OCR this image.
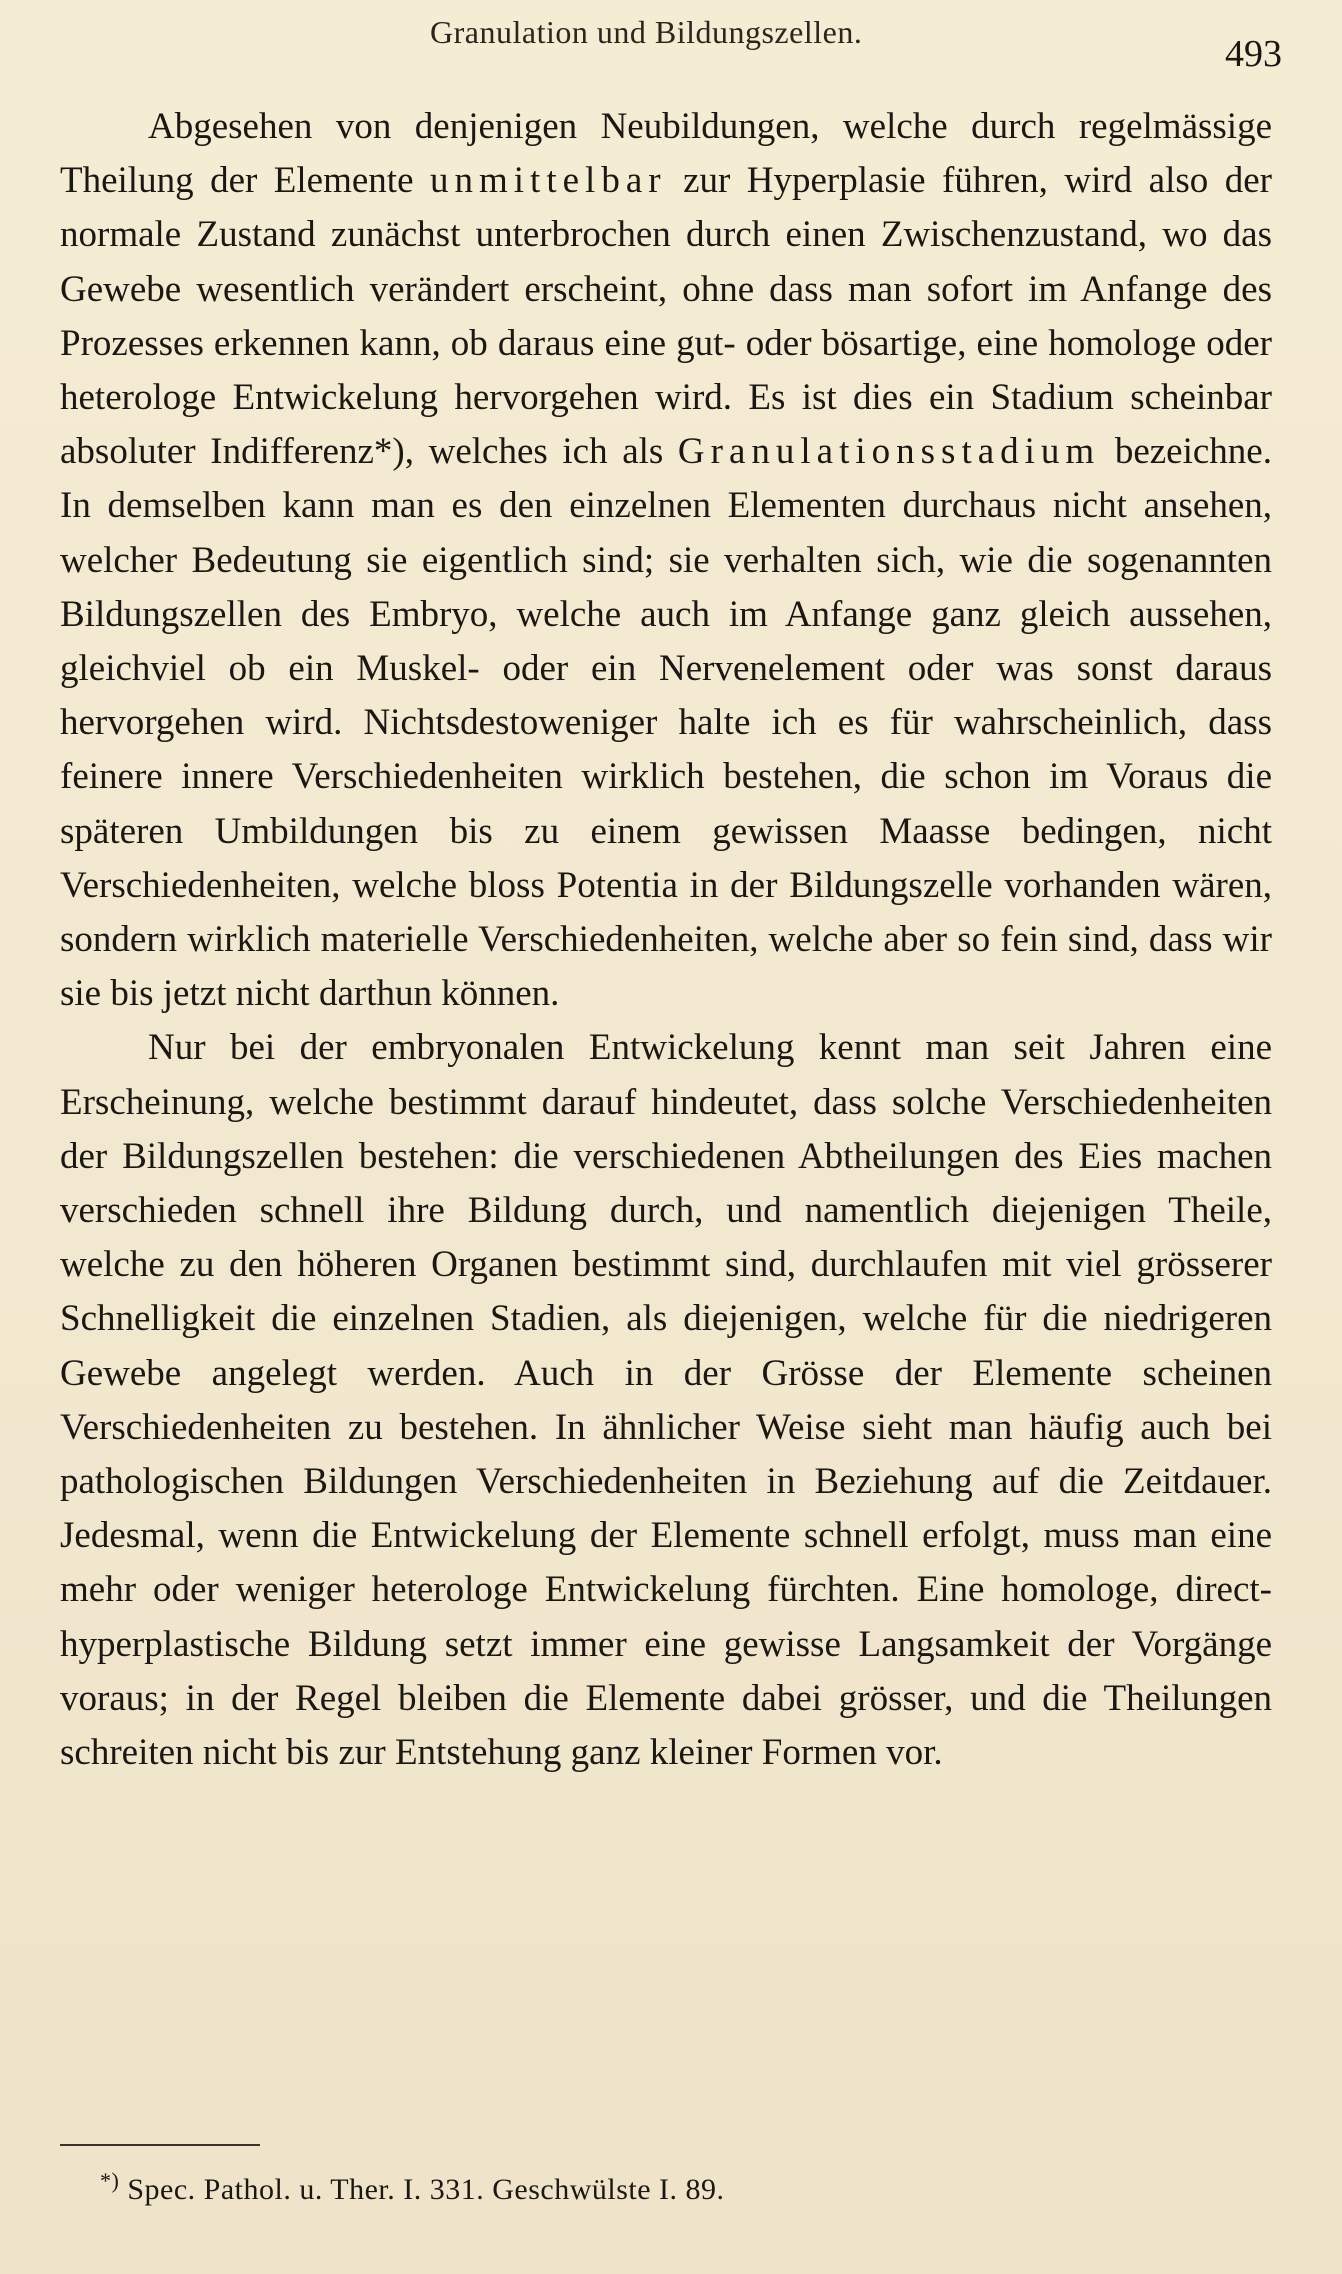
Granulation und Bildungszellen.
493

Abgesehen von denjenigen Neubildungen, welche durch regelmässige Theilung der Elemente unmittelbar zur Hyperplasie führen, wird also der normale Zustand zunächst unterbrochen durch einen Zwischenzustand, wo das Gewebe wesentlich verändert erscheint, ohne dass man sofort im Anfange des Prozesses erkennen kann, ob daraus eine gut- oder bösartige, eine homologe oder heterologe Entwickelung hervorgehen wird. Es ist dies ein Stadium scheinbar absoluter Indifferenz*), welches ich als Granulationsstadium bezeichne. In demselben kann man es den einzelnen Elementen durchaus nicht ansehen, welcher Bedeutung sie eigentlich sind; sie verhalten sich, wie die sogenannten Bildungszellen des Embryo, welche auch im Anfange ganz gleich aussehen, gleichviel ob ein Muskel- oder ein Nervenelement oder was sonst daraus hervorgehen wird. Nichtsdestoweniger halte ich es für wahrscheinlich, dass feinere innere Verschiedenheiten wirklich bestehen, die schon im Voraus die späteren Umbildungen bis zu einem gewissen Maasse bedingen, nicht Verschiedenheiten, welche bloss Potentia in der Bildungszelle vorhanden wären, sondern wirklich materielle Verschiedenheiten, welche aber so fein sind, dass wir sie bis jetzt nicht darthun können.

Nur bei der embryonalen Entwickelung kennt man seit Jahren eine Erscheinung, welche bestimmt darauf hindeutet, dass solche Verschiedenheiten der Bildungszellen bestehen: die verschiedenen Abtheilungen des Eies machen verschieden schnell ihre Bildung durch, und namentlich diejenigen Theile, welche zu den höheren Organen bestimmt sind, durchlaufen mit viel grösserer Schnelligkeit die einzelnen Stadien, als diejenigen, welche für die niedrigeren Gewebe angelegt werden. Auch in der Grösse der Elemente scheinen Verschiedenheiten zu bestehen. In ähnlicher Weise sieht man häufig auch bei pathologischen Bildungen Verschiedenheiten in Beziehung auf die Zeitdauer. Jedesmal, wenn die Entwickelung der Elemente schnell erfolgt, muss man eine mehr oder weniger heterologe Entwickelung fürchten. Eine homologe, direct-hyperplastische Bildung setzt immer eine gewisse Langsamkeit der Vorgänge voraus; in der Regel bleiben die Elemente dabei grösser, und die Theilungen schreiten nicht bis zur Entstehung ganz kleiner Formen vor.

*) Spec. Pathol. u. Ther. I. 331. Geschwülste I. 89.
